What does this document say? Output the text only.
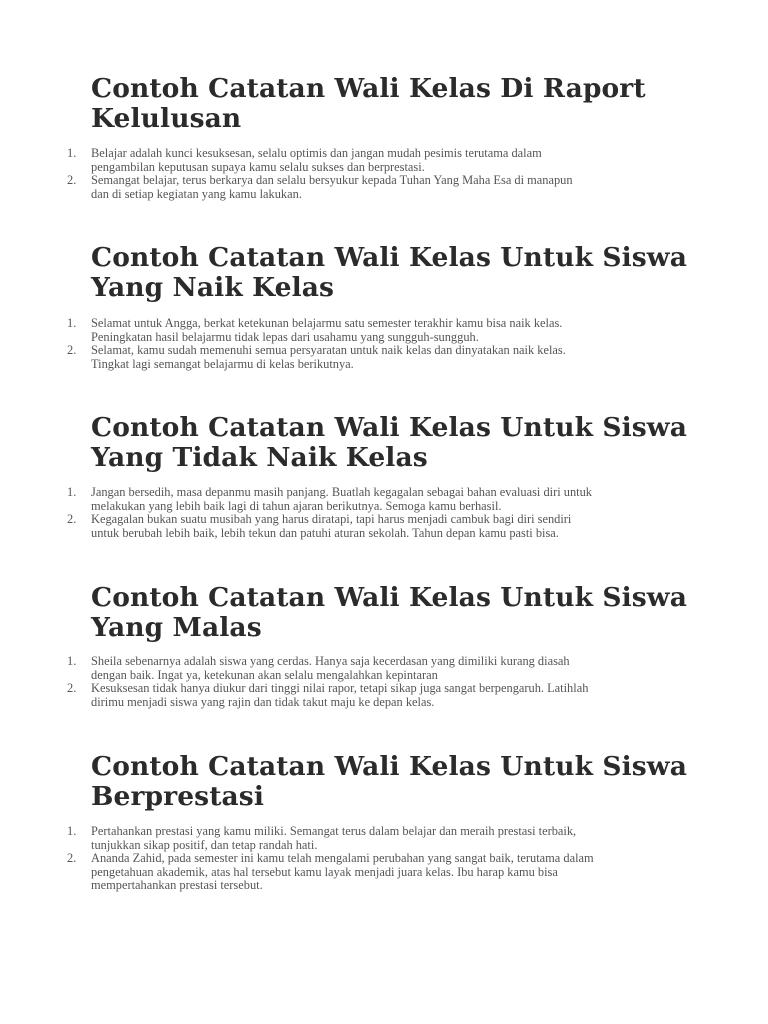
Contoh Catatan Wali Kelas Di Raport
Kelulusan
1. Belajar adalah kunci kesuksesan, selalu optimis dan jangan mudah pesimis terutama dalam
pengambilan keputusan supaya kamu selalu sukses dan berprestasi.
2. Semangat belajar, terus berkarya dan selalu bersyukur kepada Tuhan Yang Maha Esa di manapun
dan di setiap kegiatan yang kamu lakukan.
Contoh Catatan Wali Kelas Untuk Siswa
Yang Naik Kelas
1. Selamat untuk Angga, berkat ketekunan belajarmu satu semester terakhir kamu bisa naik kelas.
Peningkatan hasil belajarmu tidak lepas dari usahamu yang sungguh-sungguh.
2. Selamat, kamu sudah memenuhi semua persyaratan untuk naik kelas dan dinyatakan naik kelas.
Tingkat lagi semangat belajarmu di kelas berikutnya.
Contoh Catatan Wali Kelas Untuk Siswa
Yang Tidak Naik Kelas
1. Jangan bersedih, masa depanmu masih panjang. Buatlah kegagalan sebagai bahan evaluasi diri untuk
melakukan yang lebih baik lagi di tahun ajaran berikutnya. Semoga kamu berhasil.
2. Kegagalan bukan suatu musibah yang harus diratapi, tapi harus menjadi cambuk bagi diri sendiri
untuk berubah lebih baik, lebih tekun dan patuhi aturan sekolah. Tahun depan kamu pasti bisa.
Contoh Catatan Wali Kelas Untuk Siswa
Yang Malas
1. Sheila sebenarnya adalah siswa yang cerdas. Hanya saja kecerdasan yang dimiliki kurang diasah
dengan baik. Ingat ya, ketekunan akan selalu mengalahkan kepintaran
2. Kesuksesan tidak hanya diukur dari tinggi nilai rapor, tetapi sikap juga sangat berpengaruh. Latihlah
dirimu menjadi siswa yang rajin dan tidak takut maju ke depan kelas.
Contoh Catatan Wali Kelas Untuk Siswa
Berprestasi
1. Pertahankan prestasi yang kamu miliki. Semangat terus dalam belajar dan meraih prestasi terbaik,
tunjukkan sikap positif, dan tetap randah hati.
2. Ananda Zahid, pada semester ini kamu telah mengalami perubahan yang sangat baik, terutama dalam
pengetahuan akademik, atas hal tersebut kamu layak menjadi juara kelas. Ibu harap kamu bisa
mempertahankan prestasi tersebut.
